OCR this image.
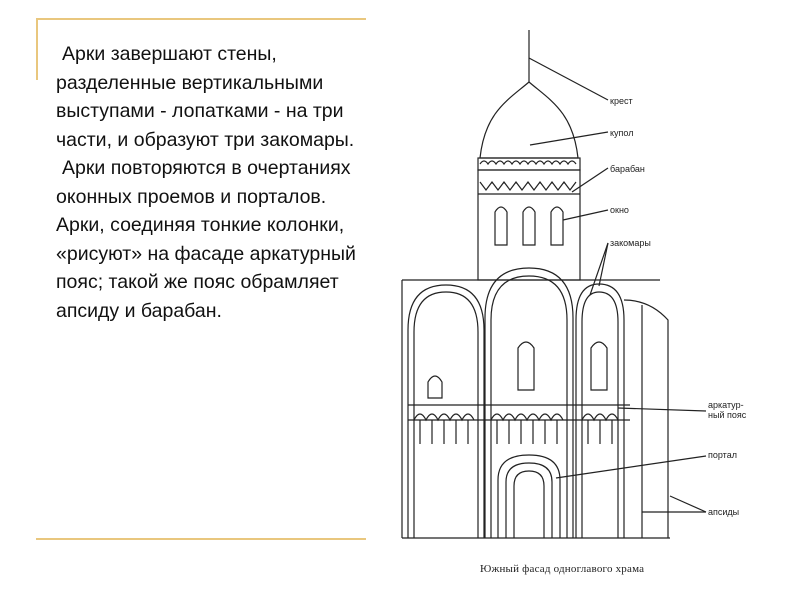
Арки завершают стены, разделенные вертикальными выступами - лопатками - на три части, и образуют три закомары.
Арки повторяются в очертаниях оконных проемов и порталов. Арки, соединяя тонкие колонки, «рисуют» на фасаде аркатурный пояс; такой же пояс обрамляет апсиду и барабан.
крест
купол
барабан
окно
закомары
аркатур-
ный пояс
портал
апсиды
Южный фасад одноглавого храма
